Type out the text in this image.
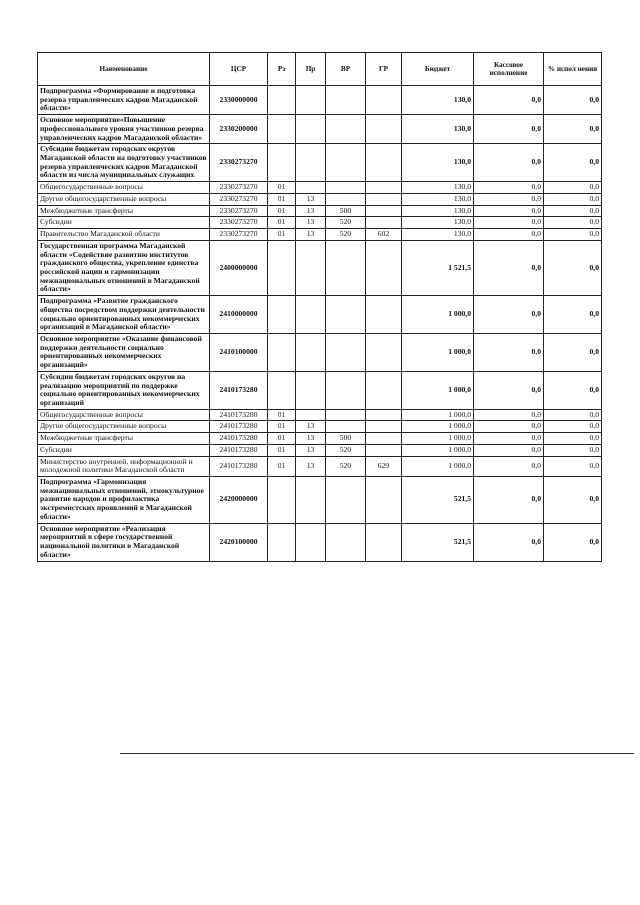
Наименование	ЦСР	Рз	Пр	ВР	ГР	Бюджет	Кассовое исполнение	% испол нения
Подпрограмма «Формирование и подготовка резерва управленческих кадров Магаданской области»	2330000000					130,0	0,0	0,0
Основное мероприятие«Повышение профессионального уровня участников резерва управленческих кадров Магаданской области»	2330200000					130,0	0,0	0,0
Субсидии бюджетам городских округов Магаданской области на подготовку участников резерва управленческих кадров Магаданской области из числа муниципальных служащих	2330273270					130,0	0,0	0,0
Общегосударственные вопросы	2330273270	01				130,0	0,0	0,0
Другие общегосударственные вопросы	2330273270	01	13			130,0	0,0	0,0
Межбюджетные трансферты	2330273270	01	13	500		130,0	0,0	0,0
Субсидии	2330273270	01	13	520		130,0	0,0	0,0
Правительство Магаданской области	2330273270	01	13	520	602	130,0	0,0	0,0
Государственная программа Магаданской области «Содействие развитию институтов гражданского общества, укрепление единства российской нации и гармонизации межнациональных отношений в Магаданской области»	2400000000					1 521,5	0,0	0,0
Подпрограмма «Развитие гражданского общества посредством поддержки деятельности социально ориентированных некоммерческих организаций в Магаданской области»	2410000000					1 000,0	0,0	0,0
Основное мероприятие «Оказание финансовой поддержки деятельности социально ориентированных некоммерческих организаций»	2410100000					1 000,0	0,0	0,0
Субсидии бюджетам городских округов на реализацию мероприятий по поддержке социально ориентированных некоммерческих организаций	2410173280					1 000,0	0,0	0,0
Общегосударственные вопросы	2410173280	01				1 000,0	0,0	0,0
Другие общегосударственные вопросы	2410173280	01	13			1 000,0	0,0	0,0
Межбюджетные трансферты	2410173280	01	13	500		1 000,0	0,0	0,0
Субсидии	2410173280	01	13	520		1 000,0	0,0	0,0
Министерство внутренней, информационной и молодежной политики Магаданской области	2410173280	01	13	520	629	1 000,0	0,0	0,0
Подпрограмма «Гармонизация межнациональных отношений, этнокультурное развитие народов и профилактика экстремистских проявлений в Магаданской области»	2420000000					521,5	0,0	0,0
Основное мероприятие «Реализация мероприятий в сфере государственной национальной политики в Магаданской области»	2420100000					521,5	0,0	0,0
